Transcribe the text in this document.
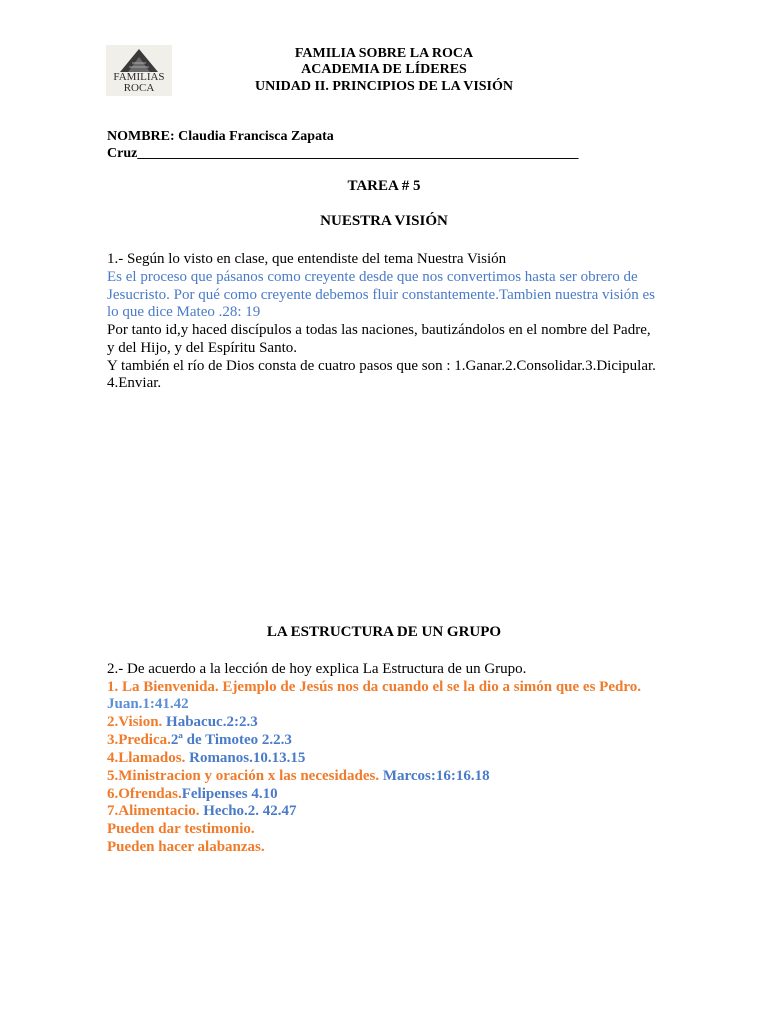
FAMILIAS
ROCA
FAMILIA SOBRE LA ROCA
ACADEMIA DE LÍDERES
UNIDAD II. PRINCIPIOS DE LA VISIÓN
NOMBRE: Claudia Francisca Zapata
Cruz_______________________________________________________________
TAREA # 5
NUESTRA VISIÓN
1.- Según lo visto en clase, que entendiste del tema Nuestra Visión
Es el proceso que pásanos como creyente desde que nos convertimos hasta ser obrero de
Jesucristo. Por qué como creyente debemos fluir constantemente.Tambien nuestra visión es
lo que dice Mateo .28: 19
Por tanto id,y haced discípulos a todas las naciones, bautizándolos en el nombre del Padre,
y del Hijo, y del Espíritu Santo.
Y también el río de Dios consta de cuatro pasos que son : 1.Ganar.2.Consolidar.3.Dicipular.
4.Enviar.
LA ESTRUCTURA DE UN GRUPO
2.- De acuerdo a la lección de hoy explica La Estructura de un Grupo.
1. La Bienvenida. Ejemplo de Jesús nos da cuando el se la dio a simón que es Pedro.
Juan.1:41.42
2.Vision. Habacuc.2:2.3
3.Predica.2ª de Timoteo 2.2.3
4.Llamados. Romanos.10.13.15
5.Ministracion y oración x las necesidades. Marcos:16:16.18
6.Ofrendas.Felipenses 4.10
7.Alimentacio. Hecho.2. 42.47
Pueden dar testimonio.
Pueden hacer alabanzas.
